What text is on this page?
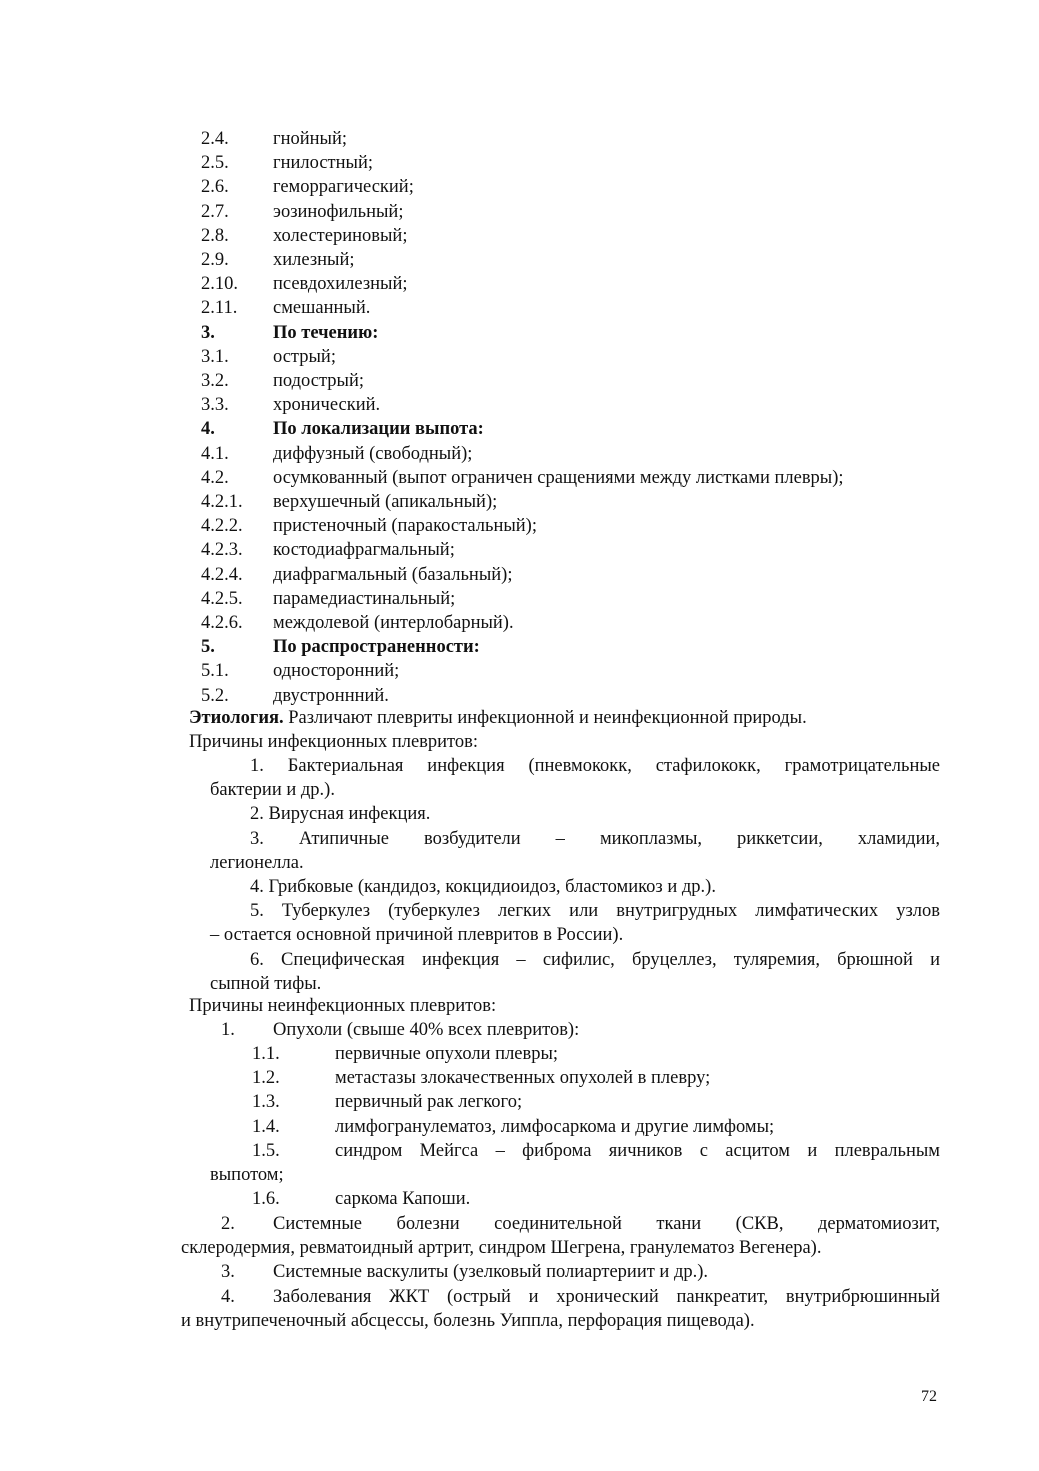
2.4. гнойный;
2.5. гнилостный;
2.6. геморрагический;
2.7. эозинофильный;
2.8. холестериновый;
2.9. хилезный;
2.10. псевдохилезный;
2.11. смешанный.
3.	По течению:
3.1. острый;
3.2. подострый;
3.3. хронический.
4.	По локализации выпота:
4.1. диффузный (свободный);
4.2. осумкованный (выпот ограничен сращениями между листками плевры);
4.2.1. верхушечный (апикальный);
4.2.2. пристеночный (паракостальный);
4.2.3. костодиафрагмальный;
4.2.4. диафрагмальный (базальный);
4.2.5. парамедиастинальный;
4.2.6. междолевой (интерлобарный).
5.	По распространенности:
5.1. односторонний;
5.2. двустроннний.
Этиология. Различают плевриты инфекционной и неинфекционной природы.
Причины инфекционных плевритов:
1. Бактериальная инфекция (пневмококк, стафилококк, грамотрицательные
бактерии и др.).
2. Вирусная инфекция.
3. Атипичные возбудители – микоплазмы, риккетсии, хламидии,
легионелла.
4. Грибковые (кандидоз, кокцидиоидоз, бластомикоз и др.).
5. Туберкулез (туберкулез легких или внутригрудных лимфатических узлов
– остается основной причиной плевритов в России).
6. Специфическая инфекция – сифилис, бруцеллез, туляремия, брюшной и
сыпной тифы.
Причины неинфекционных плевритов:
1. Опухоли (свыше 40% всех плевритов):
1.1.	первичные опухоли плевры;
1.2.	метастазы злокачественных опухолей в плевру;
1.3.	первичный рак легкого;
1.4.	лимфогранулематоз, лимфосаркома и другие лимфомы;
1.5.	синдром Мейгса – фиброма яичников с асцитом и плевральным
выпотом;
1.6.	саркома Капоши.
2. Системные болезни соединительной ткани (СКВ, дерматомиозит,
склеродермия, ревматоидный артрит, синдром Шегрена, гранулематоз Вегенера).
3. Системные васкулиты (узелковый полиартериит и др.).
4. Заболевания ЖКТ (острый и хронический панкреатит, внутрибрюшинный
и внутрипеченочный абсцессы, болезнь Уиппла, перфорация пищевода).
72
